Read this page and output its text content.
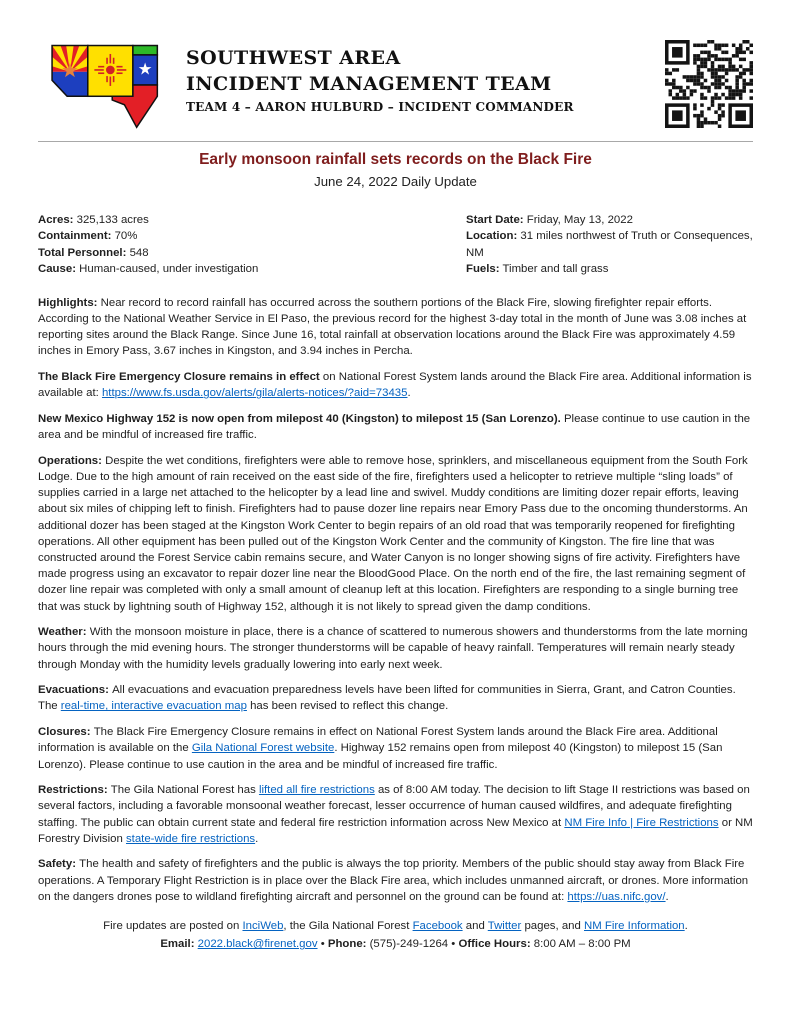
SOUTHWEST AREA
INCIDENT MANAGEMENT TEAM
TEAM 4 – AARON HULBURD – INCIDENT COMMANDER
Early monsoon rainfall sets records on the Black Fire
June 24, 2022 Daily Update
Acres: 325,133 acres
Containment: 70%
Total Personnel: 548
Cause: Human-caused, under investigation
Start Date: Friday, May 13, 2022
Location: 31 miles northwest of Truth or Consequences, NM
Fuels: Timber and tall grass

Highlights: Near record to record rainfall has occurred across the southern portions of the Black Fire, slowing firefighter repair efforts. According to the National Weather Service in El Paso, the previous record for the highest 3-day total in the month of June was 3.08 inches at reporting sites around the Black Range. Since June 16, total rainfall at observation locations around the Black Fire was approximately 4.59 inches in Emory Pass, 3.67 inches in Kingston, and 3.94 inches in Percha.

The Black Fire Emergency Closure remains in effect on National Forest System lands around the Black Fire area. Additional information is available at: https://www.fs.usda.gov/alerts/gila/alerts-notices/?aid=73435.

New Mexico Highway 152 is now open from milepost 40 (Kingston) to milepost 15 (San Lorenzo). Please continue to use caution in the area and be mindful of increased fire traffic.

Operations: Despite the wet conditions, firefighters were able to remove hose, sprinklers, and miscellaneous equipment from the South Fork Lodge. Due to the high amount of rain received on the east side of the fire, firefighters used a helicopter to retrieve multiple “sling loads” of supplies carried in a large net attached to the helicopter by a lead line and swivel. Muddy conditions are limiting dozer repair efforts, leaving about six miles of chipping left to finish. Firefighters had to pause dozer line repairs near Emory Pass due to the oncoming thunderstorms. An additional dozer has been staged at the Kingston Work Center to begin repairs of an old road that was temporarily reopened for firefighting operations. All other equipment has been pulled out of the Kingston Work Center and the community of Kingston. The fire line that was constructed around the Forest Service cabin remains secure, and Water Canyon is no longer showing signs of fire activity. Firefighters have made progress using an excavator to repair dozer line near the BloodGood Place. On the north end of the fire, the last remaining segment of dozer line repair was completed with only a small amount of cleanup left at this location. Firefighters are responding to a single burning tree that was stuck by lightning south of Highway 152, although it is not likely to spread given the damp conditions.

Weather: With the monsoon moisture in place, there is a chance of scattered to numerous showers and thunderstorms from the late morning hours through the mid evening hours. The stronger thunderstorms will be capable of heavy rainfall. Temperatures will remain nearly steady through Monday with the humidity levels gradually lowering into early next week.

Evacuations: All evacuations and evacuation preparedness levels have been lifted for communities in Sierra, Grant, and Catron Counties. The real-time, interactive evacuation map has been revised to reflect this change.

Closures: The Black Fire Emergency Closure remains in effect on National Forest System lands around the Black Fire area. Additional information is available on the Gila National Forest website. Highway 152 remains open from milepost 40 (Kingston) to milepost 15 (San Lorenzo). Please continue to use caution in the area and be mindful of increased fire traffic.

Restrictions: The Gila National Forest has lifted all fire restrictions as of 8:00 AM today. The decision to lift Stage II restrictions was based on several factors, including a favorable monsoonal weather forecast, lesser occurrence of human caused wildfires, and adequate firefighting staffing. The public can obtain current state and federal fire restriction information across New Mexico at NM Fire Info | Fire Restrictions or NM Forestry Division state-wide fire restrictions.

Safety: The health and safety of firefighters and the public is always the top priority. Members of the public should stay away from Black Fire operations. A Temporary Flight Restriction is in place over the Black Fire area, which includes unmanned aircraft, or drones. More information on the dangers drones pose to wildland firefighting aircraft and personnel on the ground can be found at: https://uas.nifc.gov/.

Fire updates are posted on InciWeb, the Gila National Forest Facebook and Twitter pages, and NM Fire Information.
Email: 2022.black@firenet.gov • Phone: (575)-249-1264 • Office Hours: 8:00 AM – 8:00 PM
